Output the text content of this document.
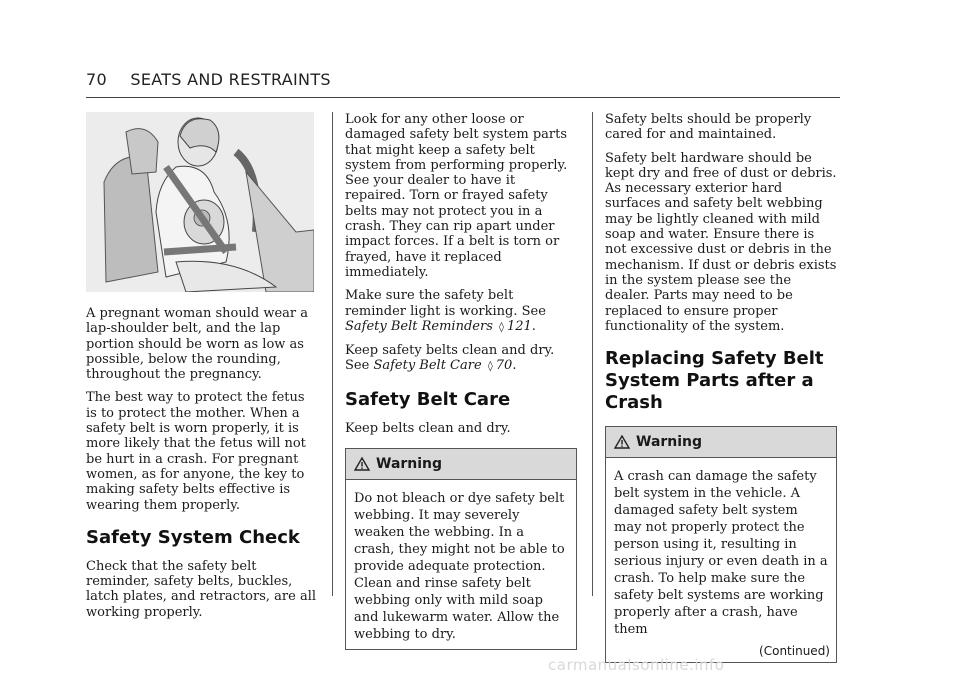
70 SEATS AND RESTRAINTS

A pregnant woman should wear a lap-shoulder belt, and the lap portion should be worn as low as possible, below the rounding, throughout the pregnancy.

The best way to protect the fetus is to protect the mother. When a safety belt is worn properly, it is more likely that the fetus will not be hurt in a crash. For pregnant women, as for anyone, the key to making safety belts effective is wearing them properly.

Safety System Check

Check that the safety belt reminder, safety belts, buckles, latch plates, and retractors, are all working properly.

Look for any other loose or damaged safety belt system parts that might keep a safety belt system from performing properly. See your dealer to have it repaired. Torn or frayed safety belts may not protect you in a crash. They can rip apart under impact forces. If a belt is torn or frayed, have it replaced immediately.

Make sure the safety belt reminder light is working. See Safety Belt Reminders ◊ 121.

Keep safety belts clean and dry. See Safety Belt Care ◊ 70.

Safety Belt Care

Keep belts clean and dry.

Warning

Do not bleach or dye safety belt webbing. It may severely weaken the webbing. In a crash, they might not be able to provide adequate protection. Clean and rinse safety belt webbing only with mild soap and lukewarm water. Allow the webbing to dry.

Safety belts should be properly cared for and maintained.

Safety belt hardware should be kept dry and free of dust or debris. As necessary exterior hard surfaces and safety belt webbing may be lightly cleaned with mild soap and water. Ensure there is not excessive dust or debris in the mechanism. If dust or debris exists in the system please see the dealer. Parts may need to be replaced to ensure proper functionality of the system.

Replacing Safety Belt System Parts after a Crash
Warning

A crash can damage the safety belt system in the vehicle. A damaged safety belt system may not properly protect the person using it, resulting in serious injury or even death in a crash. To help make sure the safety belt systems are working properly after a crash, have them

(Continued)
carmanualsonline.info
